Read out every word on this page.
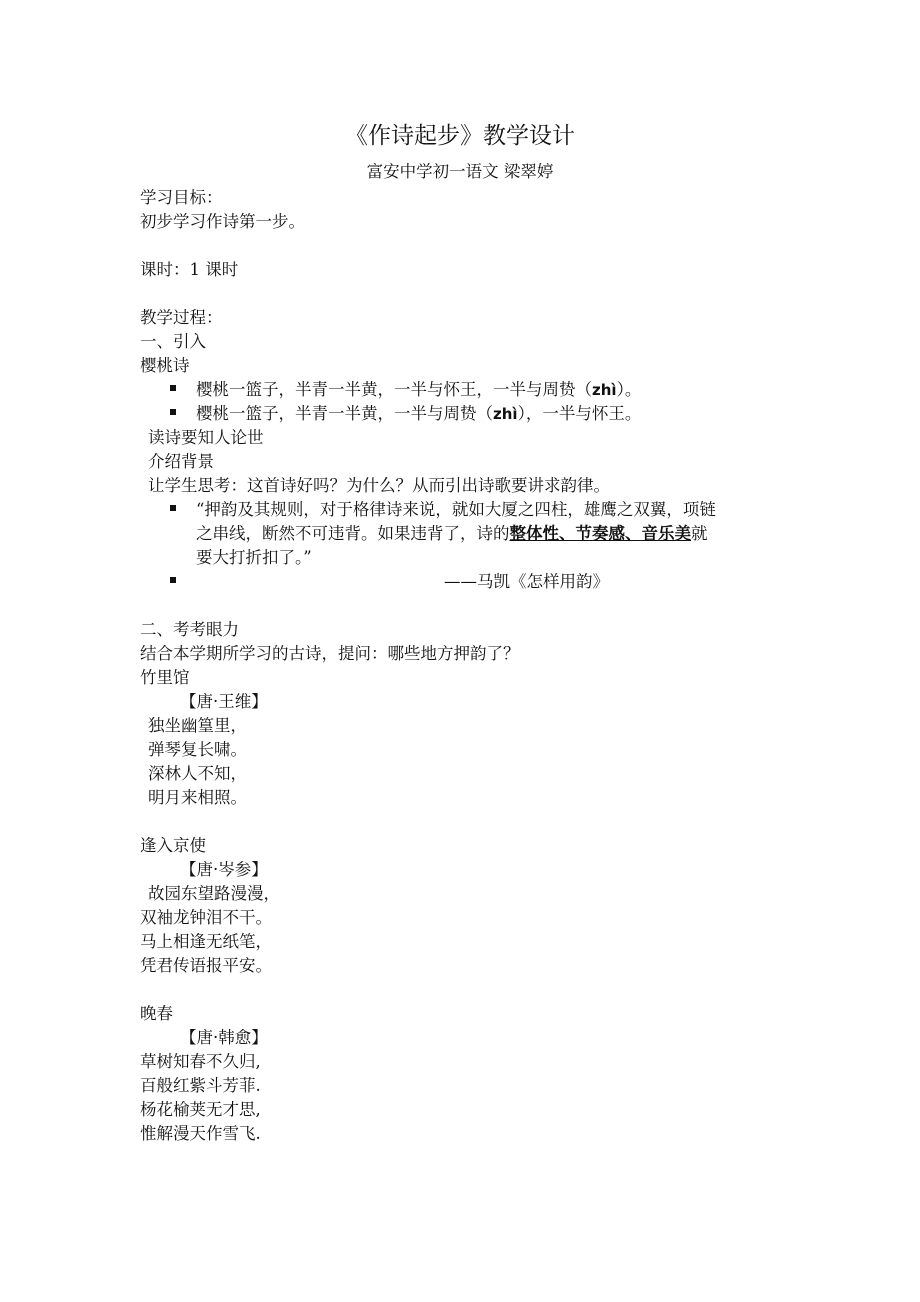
《作诗起步》教学设计
富安中学初一语文 梁翠婷
学习目标：
初步学习作诗第一步。
课时：1 课时
教学过程：
一、引入
樱桃诗
樱桃一篮子，半青一半黄，一半与怀王，一半与周贽（zhì）。
樱桃一篮子，半青一半黄，一半与周贽（zhì），一半与怀王。
读诗要知人论世
介绍背景
让学生思考：这首诗好吗？为什么？从而引出诗歌要讲求韵律。
“押韵及其规则，对于格律诗来说，就如大厦之四柱，雄鹰之双翼，项链
之串线，断然不可违背。如果违背了，诗的整体性、节奏感、音乐美就
要大打折扣了。”
——马凯《怎样用韵》
二、考考眼力
结合本学期所学习的古诗，提问：哪些地方押韵了？
竹里馆
【唐·王维】
独坐幽篁里，
弹琴复长啸。
深林人不知，
明月来相照。
逢入京使
【唐·岑参】
故园东望路漫漫，
双袖龙钟泪不干。
马上相逢无纸笔，
凭君传语报平安。
晚春
【唐·韩愈】
草树知春不久归,
百般红紫斗芳菲.
杨花榆荚无才思,
惟解漫天作雪飞.
